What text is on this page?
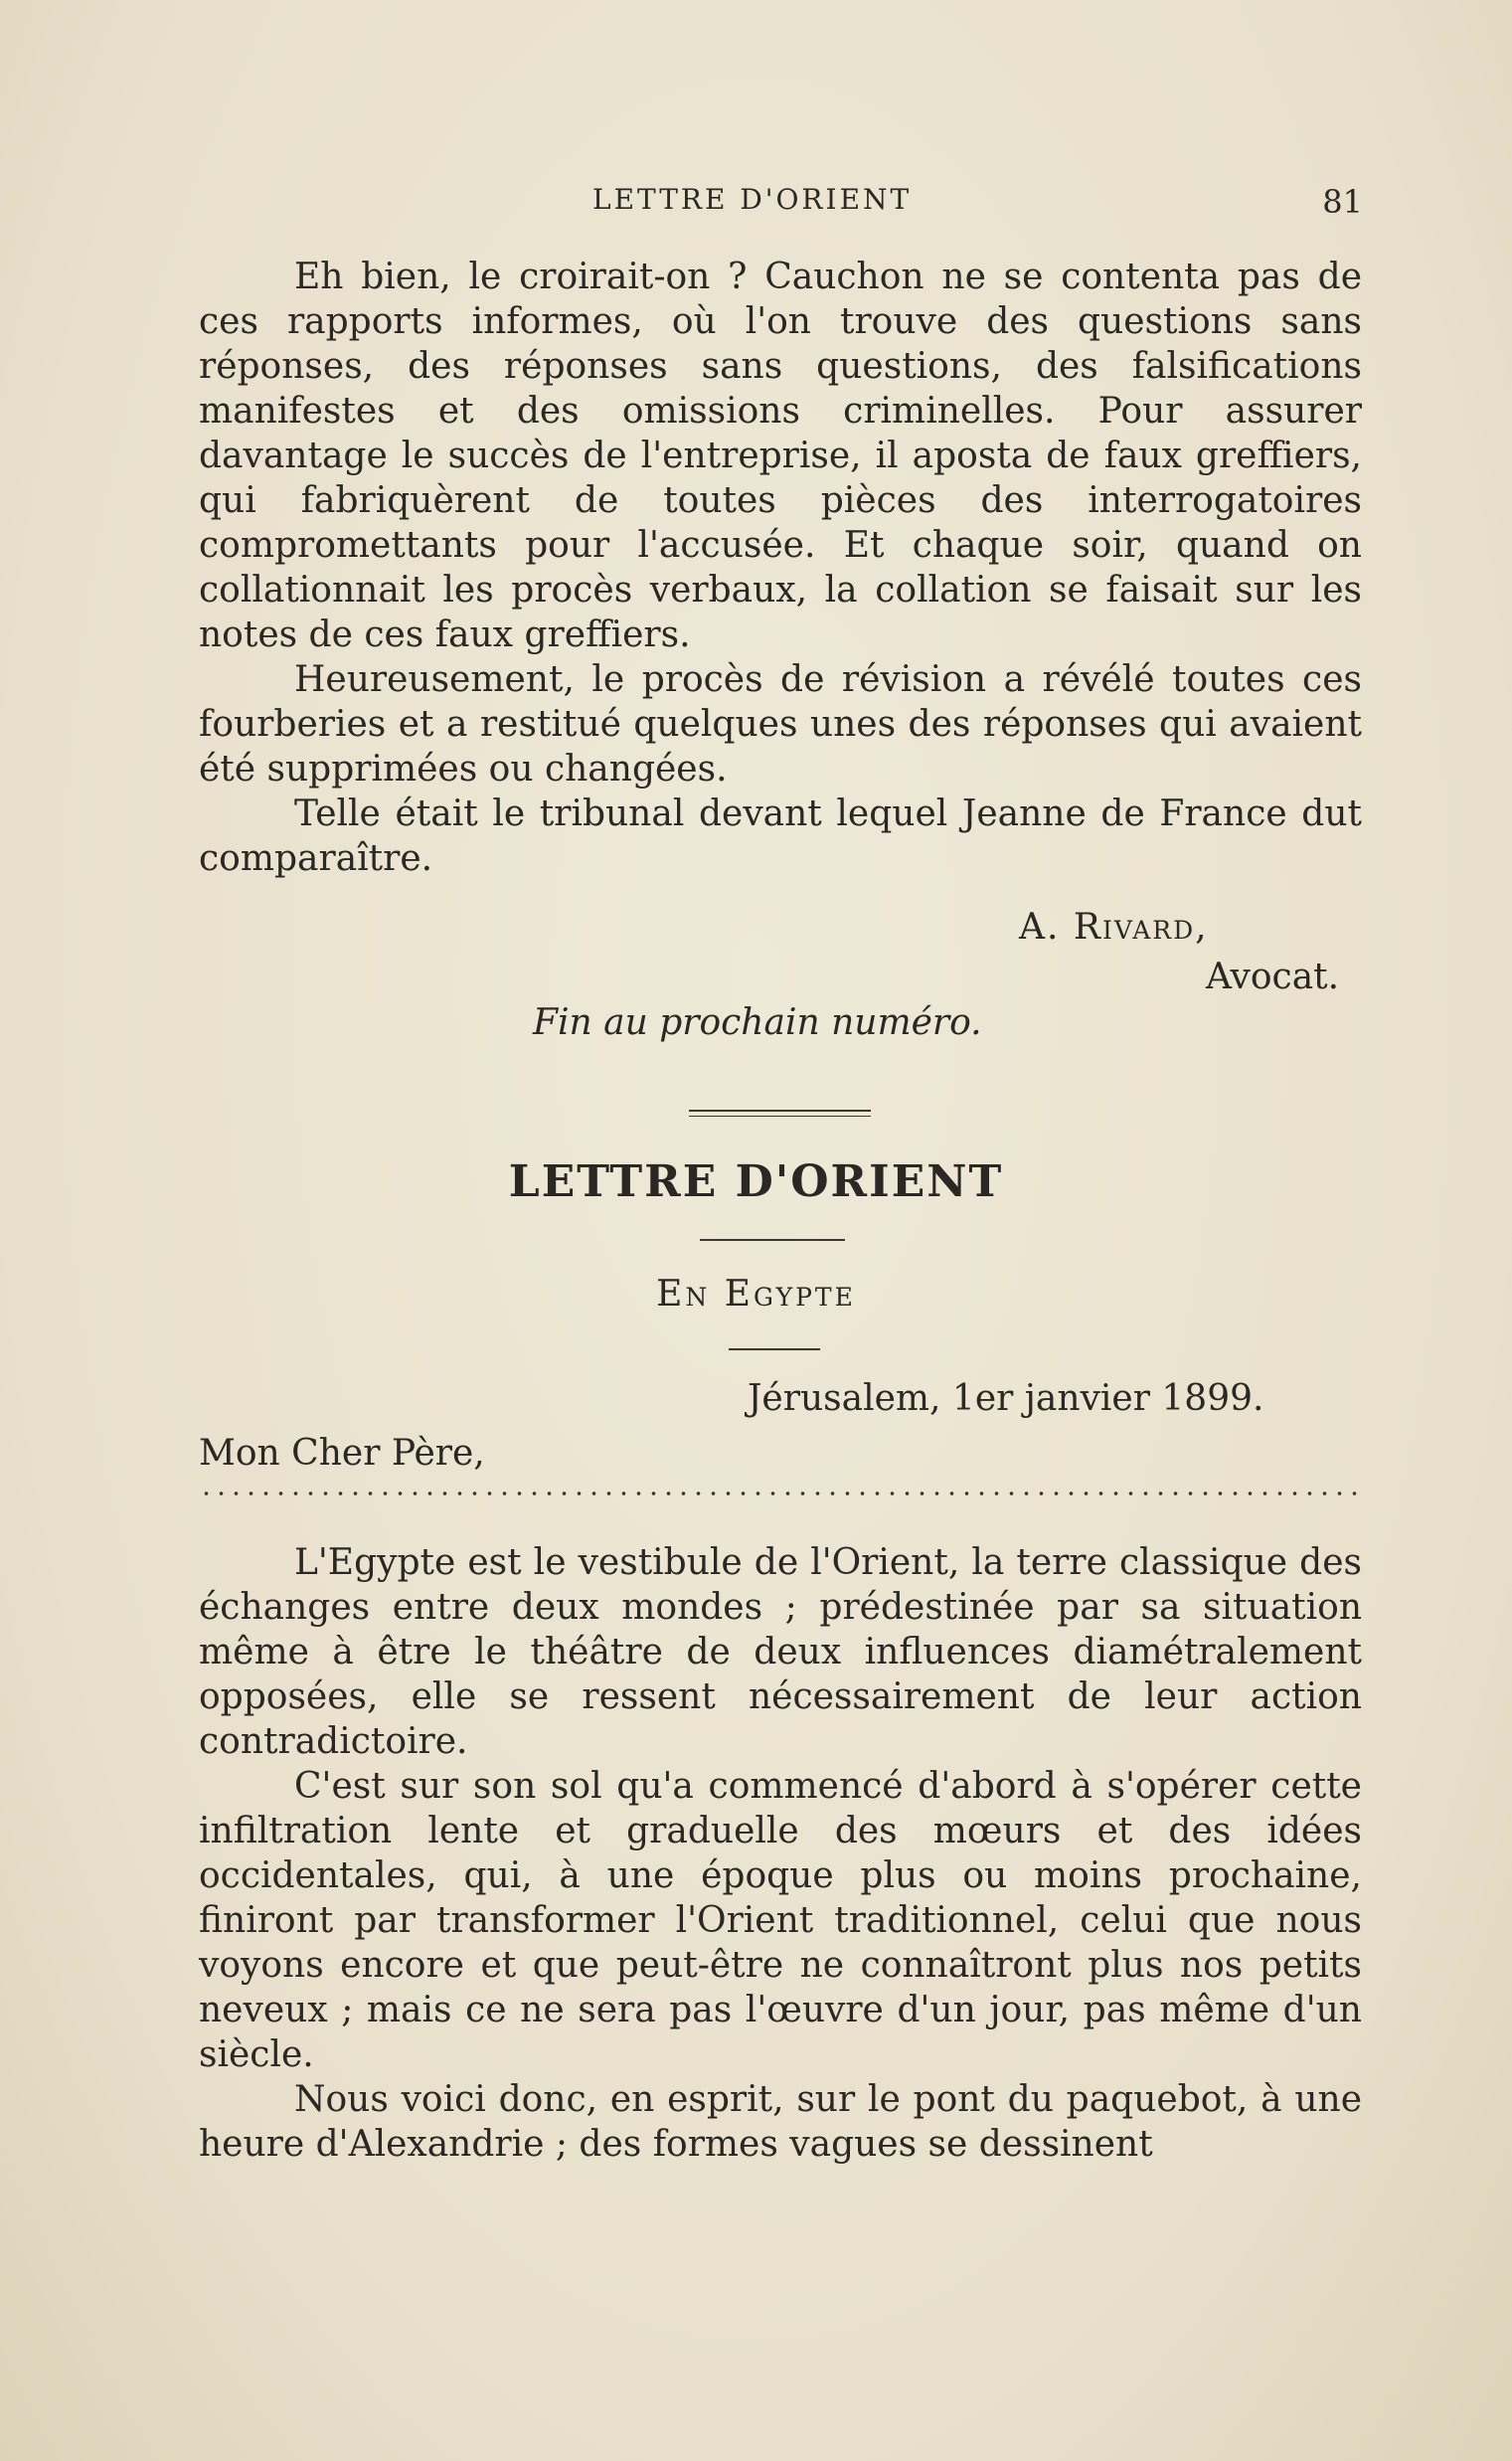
LETTRE D'ORIENT	81

Eh bien, le croirait-on ? Cauchon ne se contenta pas de ces rapports informes, où l'on trouve des questions sans réponses, des réponses sans questions, des falsifications manifestes et des omissions criminelles. Pour assurer davantage le succès de l'entreprise, il aposta de faux greffiers, qui fabriquèrent de toutes pièces des interrogatoires compromettants pour l'accusée. Et chaque soir, quand on collationnait les procès verbaux, la collation se faisait sur les notes de ces faux greffiers.

Heureusement, le procès de révision a révélé toutes ces fourberies et a restitué quelques unes des réponses qui avaient été supprimées ou changées.

Telle était le tribunal devant lequel Jeanne de France dut comparaître.

A. Rivard,
Avocat.
Fin au prochain numéro.
LETTRE D'ORIENT
En Egypte
Jérusalem, 1er janvier 1899.
Mon Cher Père,

L'Egypte est le vestibule de l'Orient, la terre classique des échanges entre deux mondes ; prédestinée par sa situation même à être le théâtre de deux influences diamétralement opposées, elle se ressent nécessairement de leur action contradictoire.

C'est sur son sol qu'a commencé d'abord à s'opérer cette infiltration lente et graduelle des mœurs et des idées occidentales, qui, à une époque plus ou moins prochaine, finiront par transformer l'Orient traditionnel, celui que nous voyons encore et que peut-être ne connaîtront plus nos petits neveux ; mais ce ne sera pas l'œuvre d'un jour, pas même d'un siècle.

Nous voici donc, en esprit, sur le pont du paquebot, à une heure d'Alexandrie ; des formes vagues se dessinent
